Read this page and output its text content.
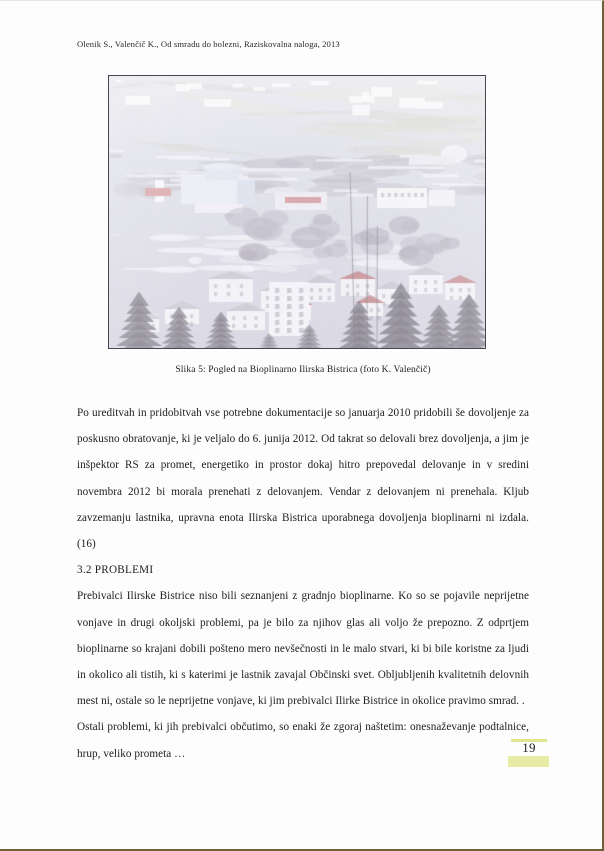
Olenik S., Valenčič K., Od smradu do bolezni, Raziskovalna naloga, 2013
Slika 5: Pogled na Bioplinarno Ilirska Bistrica (foto K. Valenčič)

Po ureditvah in pridobitvah vse potrebne dokumentacije so januarja 2010 pridobili še dovoljenje za poskusno obratovanje, ki je veljalo do 6. junija 2012. Od takrat so delovali brez dovoljenja, a jim je inšpektor RS za promet, energetiko in prostor dokaj hitro prepovedal delovanje in v sredini novembra 2012 bi morala prenehati z delovanjem. Vendar z delovanjem ni prenehala. Kljub zavzemanju lastnika, upravna enota Ilirska Bistrica uporabnega dovoljenja bioplinarni ni izdala. (16)

3.2 PROBLEMI

Prebivalci Ilirske Bistrice niso bili seznanjeni z gradnjo bioplinarne. Ko so se pojavile neprijetne vonjave in drugi okoljski problemi, pa je bilo za njihov glas ali voljo že prepozno. Z odprtjem bioplinarne so krajani dobili pošteno mero nevšečnosti in le malo stvari, ki bi bile koristne za ljudi in okolico ali tistih, ki s katerimi je lastnik zavajal Občinski svet. Obljubljenih kvalitetnih delovnih mest ni, ostale so le neprijetne vonjave, ki jim prebivalci Ilirke Bistrice in okolice pravimo smrad. .

Ostali problemi, ki jih prebivalci občutimo, so enaki že zgoraj naštetim: onesnaževanje podtalnice, hrup, veliko prometa …	19
